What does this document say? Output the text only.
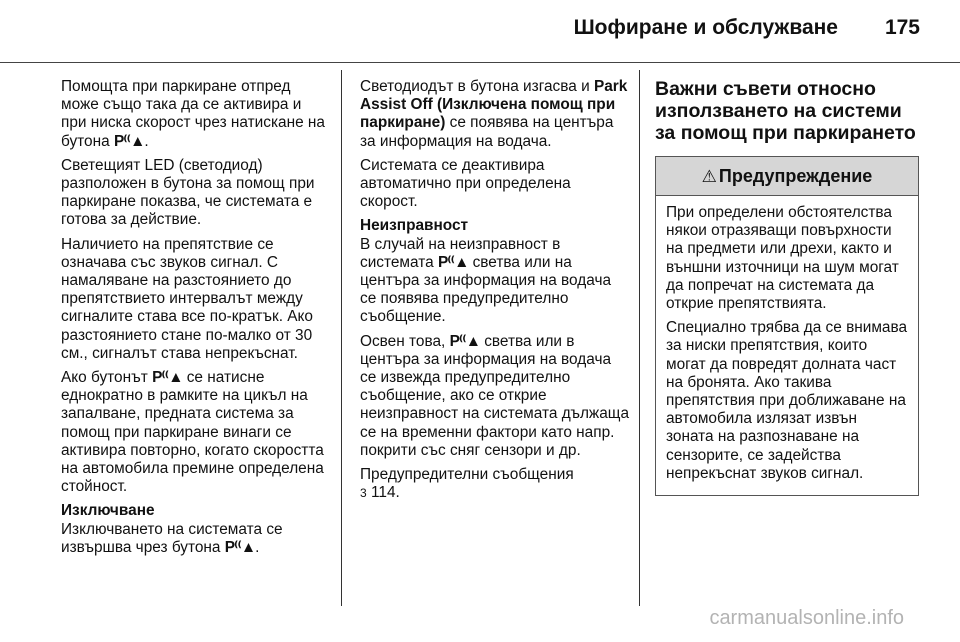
Шофиране и обслужване 175

Помощта при паркиране отпред може също така да се активира и при ниска скорост чрез натискане на бутона P⁽⁽▲.

Светещият LED (светодиод) разположен в бутона за помощ при паркиране показва, че системата е готова за действие.

Наличието на препятствие се означава със звуков сигнал. С намаляване на разстоянието до препятствието интервалът между сигналите става все по-кратък. Ако разстоянието стане по-малко от 30 см., сигналът става непрекъснат.

Ако бутонът P⁽⁽▲ се натисне еднократно в рамките на цикъл на запалване, предната система за помощ при паркиране винаги се активира повторно, когато скоростта на автомобила премине определена стойност.

Изключване

Изключването на системата се извършва чрез бутона P⁽⁽▲.

Светодиодът в бутона изгасва и Park Assist Off (Изключена помощ при паркиране) се появява на центъра за информация на водача.

Системата се деактивира автоматично при определена скорост.

Неизправност

В случай на неизправност в системата P⁽⁽▲ светва или на центъра за информация на водача се появява предупредително съобщение.

Освен това, P⁽⁽▲ светва или в центъра за информация на водача се извежда предупредително съобщение, ако се открие неизправност на системата дължаща се на временни фактори като напр. покрити със сняг сензори и др.

Предупредителни съобщения
3 114.

Важни съвети относно използването на системи за помощ при паркирането

⚠ Предупреждение

При определени обстоятелства някои отразяващи повърхности на предмети или дрехи, както и външни източници на шум могат да попречат на системата да открие препятствията.

Специално трябва да се внимава за ниски препятствия, които могат да повредят долната част на бронята. Ако такива препятствия при доближаване на автомобила излязат извън зоната на разпознаване на сензорите, се задейства непрекъснат звуков сигнал.

carmanualsonline.info
